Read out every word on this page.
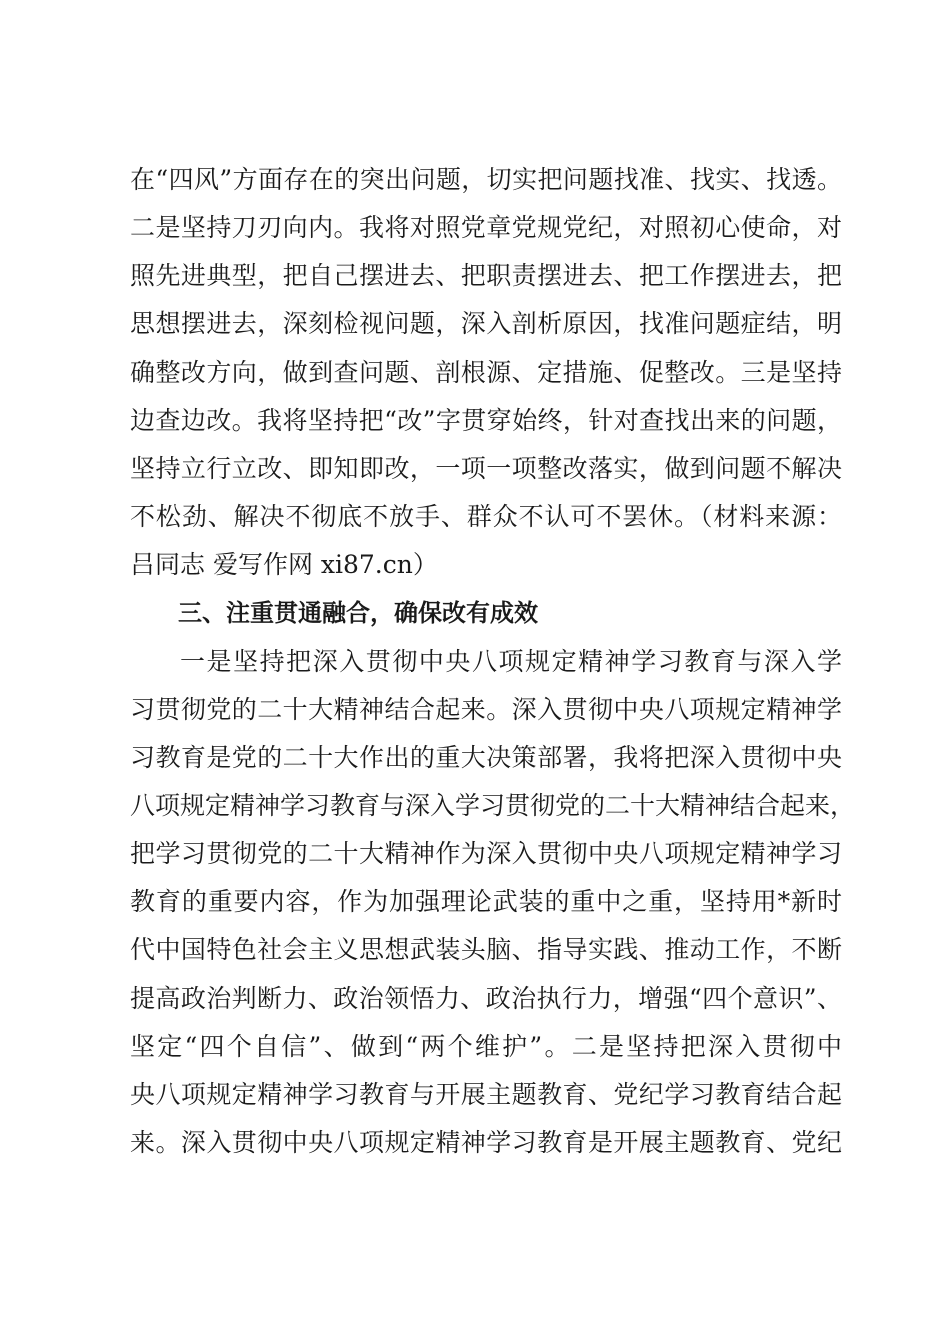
在“四风”方面存在的突出问题，切实把问题找准、找实、找透。
二是坚持刀刃向内。我将对照党章党规党纪，对照初心使命，对
照先进典型，把自己摆进去、把职责摆进去、把工作摆进去，把
思想摆进去，深刻检视问题，深入剖析原因，找准问题症结，明
确整改方向，做到查问题、剖根源、定措施、促整改。三是坚持
边查边改。我将坚持把“改”字贯穿始终，针对查找出来的问题，
坚持立行立改、即知即改，一项一项整改落实，做到问题不解决
不松劲、解决不彻底不放手、群众不认可不罢休。（材料来源：
吕同志 爱写作网 xi87.cn）
三、注重贯通融合，确保改有成效
一是坚持把深入贯彻中央八项规定精神学习教育与深入学
习贯彻党的二十大精神结合起来。深入贯彻中央八项规定精神学
习教育是党的二十大作出的重大决策部署，我将把深入贯彻中央
八项规定精神学习教育与深入学习贯彻党的二十大精神结合起来，
把学习贯彻党的二十大精神作为深入贯彻中央八项规定精神学习
教育的重要内容，作为加强理论武装的重中之重，坚持用*新时
代中国特色社会主义思想武装头脑、指导实践、推动工作，不断
提高政治判断力、政治领悟力、政治执行力，增强“四个意识”、
坚定“四个自信”、做到“两个维护”。二是坚持把深入贯彻中
央八项规定精神学习教育与开展主题教育、党纪学习教育结合起
来。深入贯彻中央八项规定精神学习教育是开展主题教育、党纪
